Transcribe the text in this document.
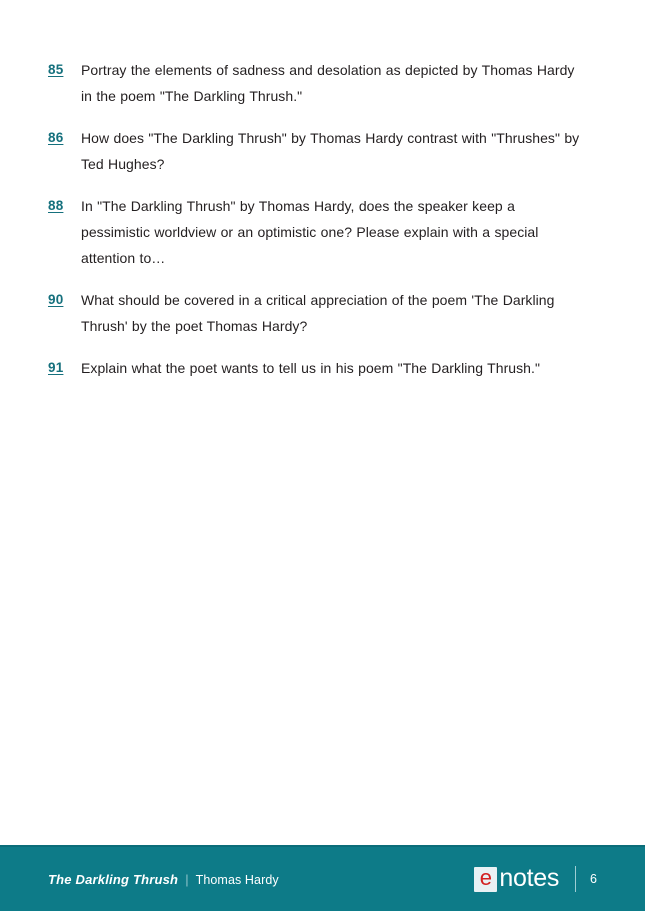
85	Portray the elements of sadness and desolation as depicted by Thomas Hardy in the poem "The Darkling Thrush."
86	How does "The Darkling Thrush" by Thomas Hardy contrast with "Thrushes" by Ted Hughes?
88	In "The Darkling Thrush" by Thomas Hardy, does the speaker keep a pessimistic worldview or an optimistic one? Please explain with a special attention to…
90	What should be covered in a critical appreciation of the poem 'The Darkling Thrush' by the poet Thomas Hardy?
91	Explain what the poet wants to tell us in his poem "The Darkling Thrush."
The Darkling Thrush | Thomas Hardy	e notes 6
